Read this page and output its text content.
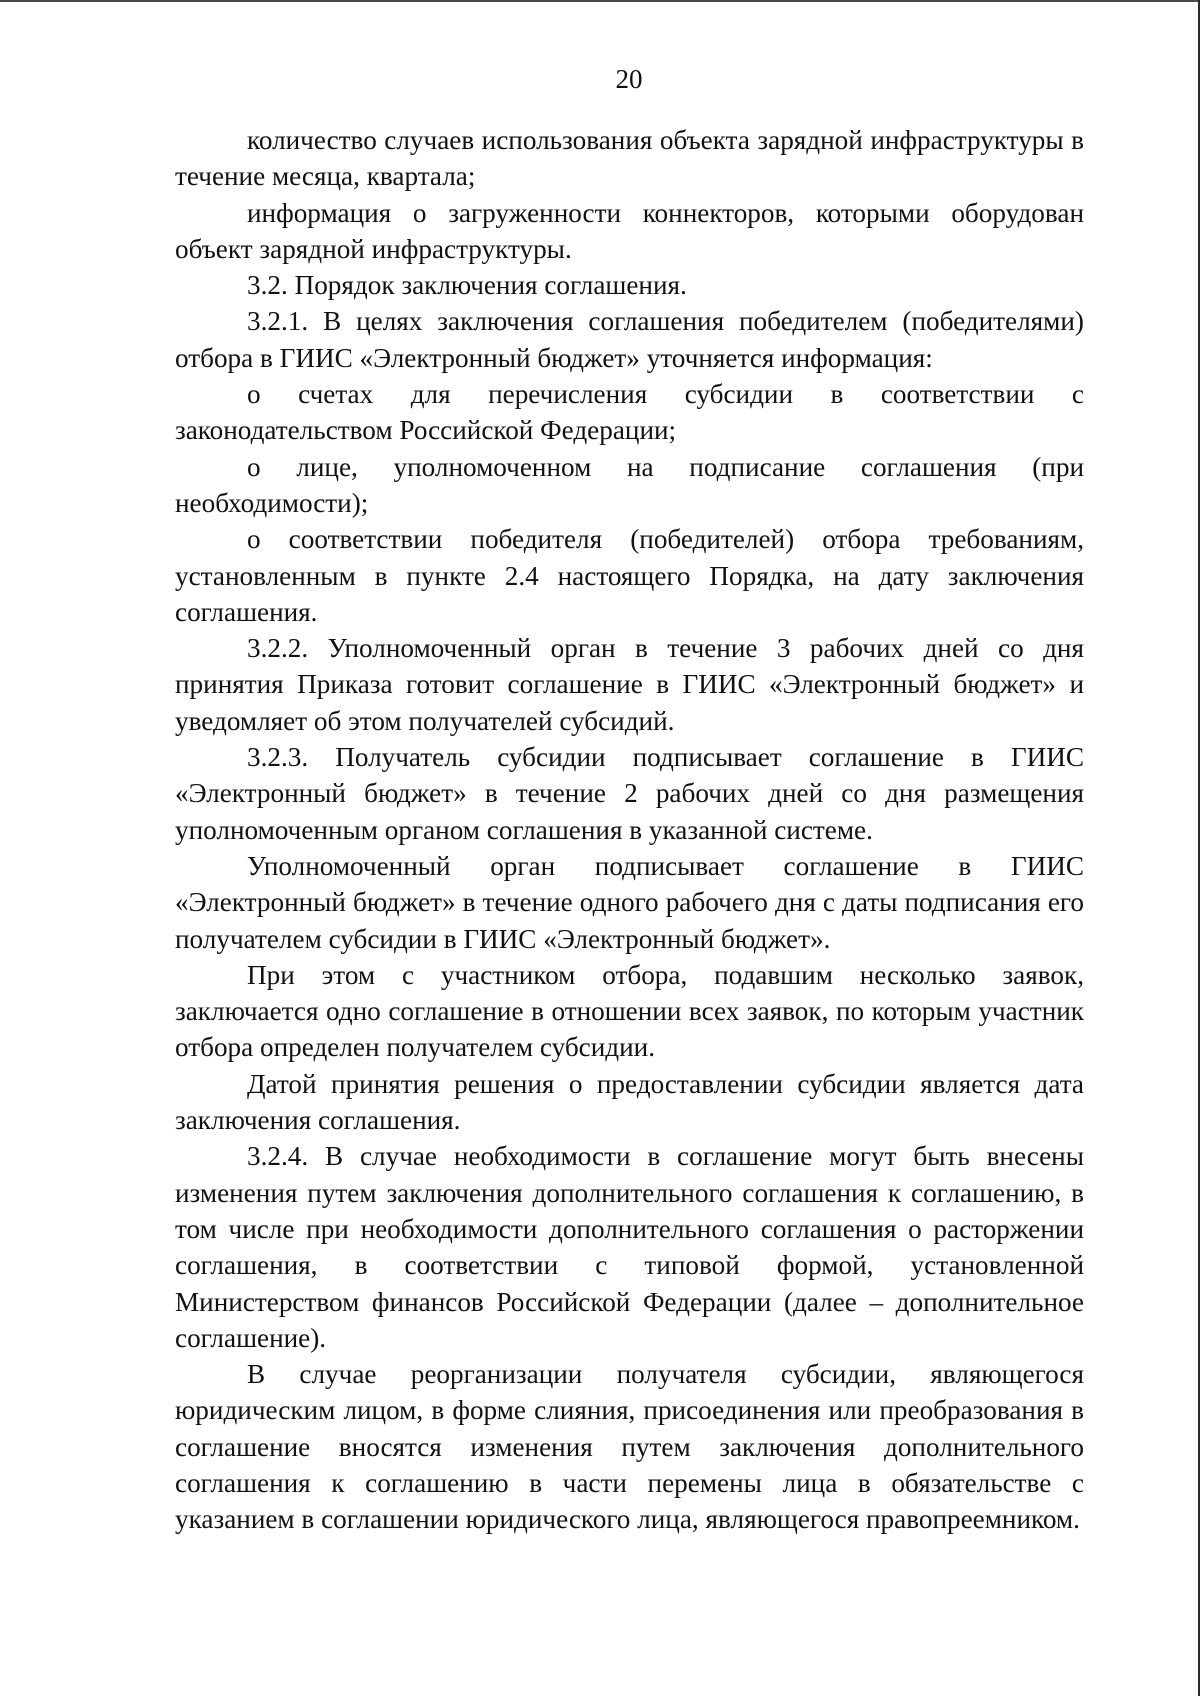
20

количество случаев использования объекта зарядной инфраструктуры в течение месяца, квартала;

информация о загруженности коннекторов, которыми оборудован объект зарядной инфраструктуры.

3.2. Порядок заключения соглашения.

3.2.1. В целях заключения соглашения победителем (победителями) отбора в ГИИС «Электронный бюджет» уточняется информация:

о счетах для перечисления субсидии в соответствии с законодательством Российской Федерации;

о лице, уполномоченном на подписание соглашения (при необходимости);

о соответствии победителя (победителей) отбора требованиям, установленным в пункте 2.4 настоящего Порядка, на дату заключения соглашения.

3.2.2. Уполномоченный орган в течение 3 рабочих дней со дня принятия Приказа готовит соглашение в ГИИС «Электронный бюджет» и уведомляет об этом получателей субсидий.

3.2.3. Получатель субсидии подписывает соглашение в ГИИС «Электронный бюджет» в течение 2 рабочих дней со дня размещения уполномоченным органом соглашения в указанной системе.

Уполномоченный орган подписывает соглашение в ГИИС «Электронный бюджет» в течение одного рабочего дня с даты подписания его получателем субсидии в ГИИС «Электронный бюджет».

При этом с участником отбора, подавшим несколько заявок, заключается одно соглашение в отношении всех заявок, по которым участник отбора определен получателем субсидии.

Датой принятия решения о предоставлении субсидии является дата заключения соглашения.

3.2.4. В случае необходимости в соглашение могут быть внесены изменения путем заключения дополнительного соглашения к соглашению, в том числе при необходимости дополнительного соглашения о расторжении соглашения, в соответствии с типовой формой, установленной Министерством финансов Российской Федерации (далее – дополнительное соглашение).

В случае реорганизации получателя субсидии, являющегося юридическим лицом, в форме слияния, присоединения или преобразования в соглашение вносятся изменения путем заключения дополнительного соглашения к соглашению в части перемены лица в обязательстве с указанием в соглашении юридического лица, являющегося правопреемником.
